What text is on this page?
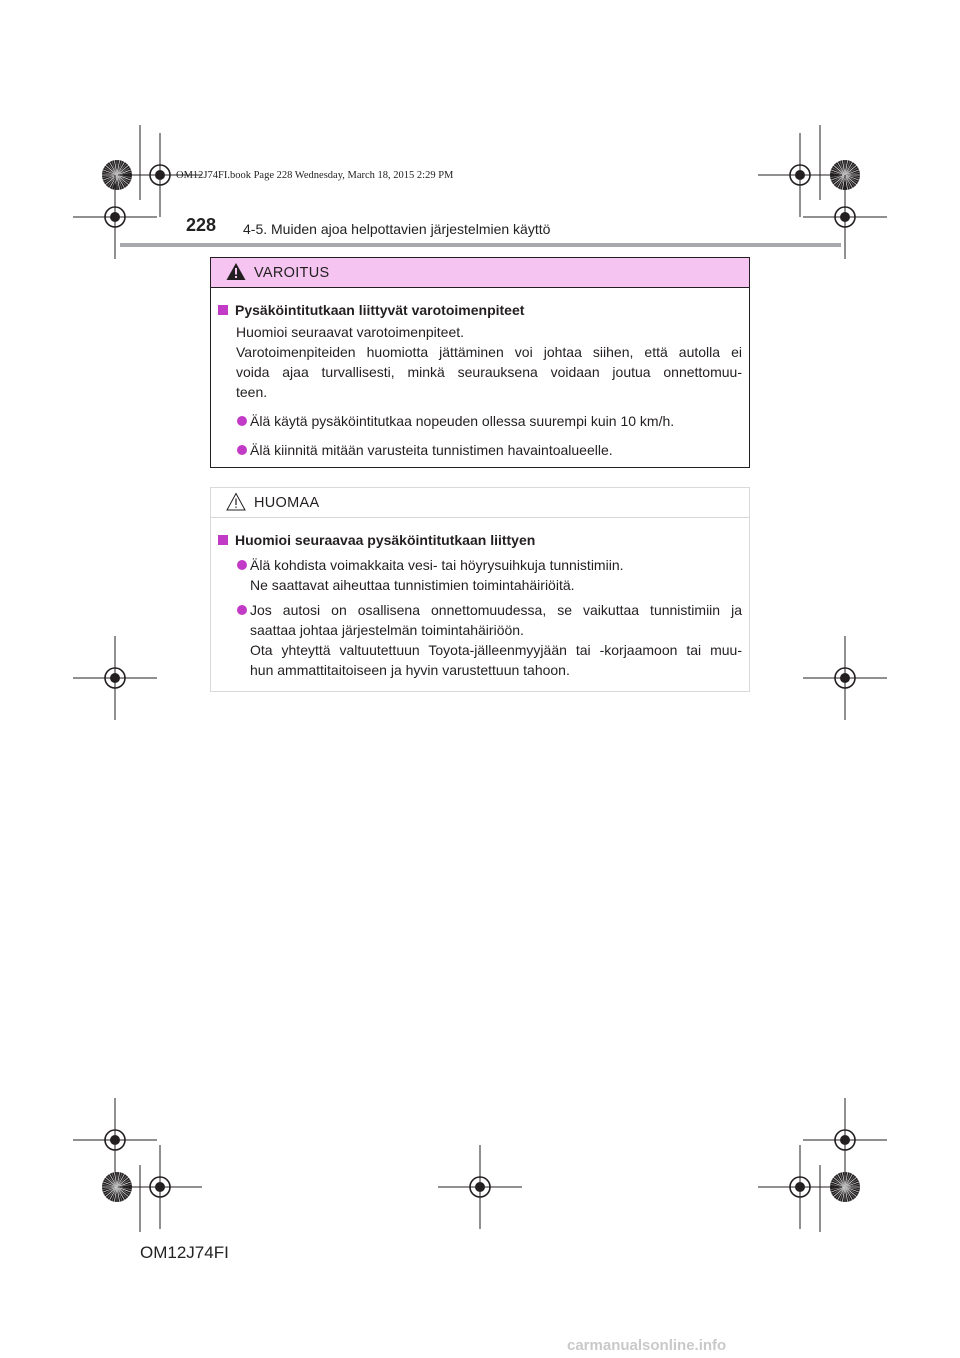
OM12J74FI.book Page 228 Wednesday, March 18, 2015 2:29 PM
228 4-5. Muiden ajoa helpottavien järjestelmien käyttö
VAROITUS
Pysäköintitutkaan liittyvät varotoimenpiteet
Huomioi seuraavat varotoimenpiteet.
Varotoimenpiteiden huomiotta jättäminen voi johtaa siihen, että autolla ei
voida ajaa turvallisesti, minkä seurauksena voidaan joutua onnettomuu-
teen.
Älä käytä pysäköintitutkaa nopeuden ollessa suurempi kuin 10 km/h.
Älä kiinnitä mitään varusteita tunnistimen havaintoalueelle.
HUOMAA
Huomioi seuraavaa pysäköintitutkaan liittyen
Älä kohdista voimakkaita vesi- tai höyrysuihkuja tunnistimiin.
Ne saattavat aiheuttaa tunnistimien toimintahäiriöitä.
Jos autosi on osallisena onnettomuudessa, se vaikuttaa tunnistimiin ja
saattaa johtaa järjestelmän toimintahäiriöön.
Ota yhteyttä valtuutettuun Toyota-jälleenmyyjään tai -korjaamoon tai muu-
hun ammattitaitoiseen ja hyvin varustettuun tahoon.
OM12J74FI
carmanualsonline.info
